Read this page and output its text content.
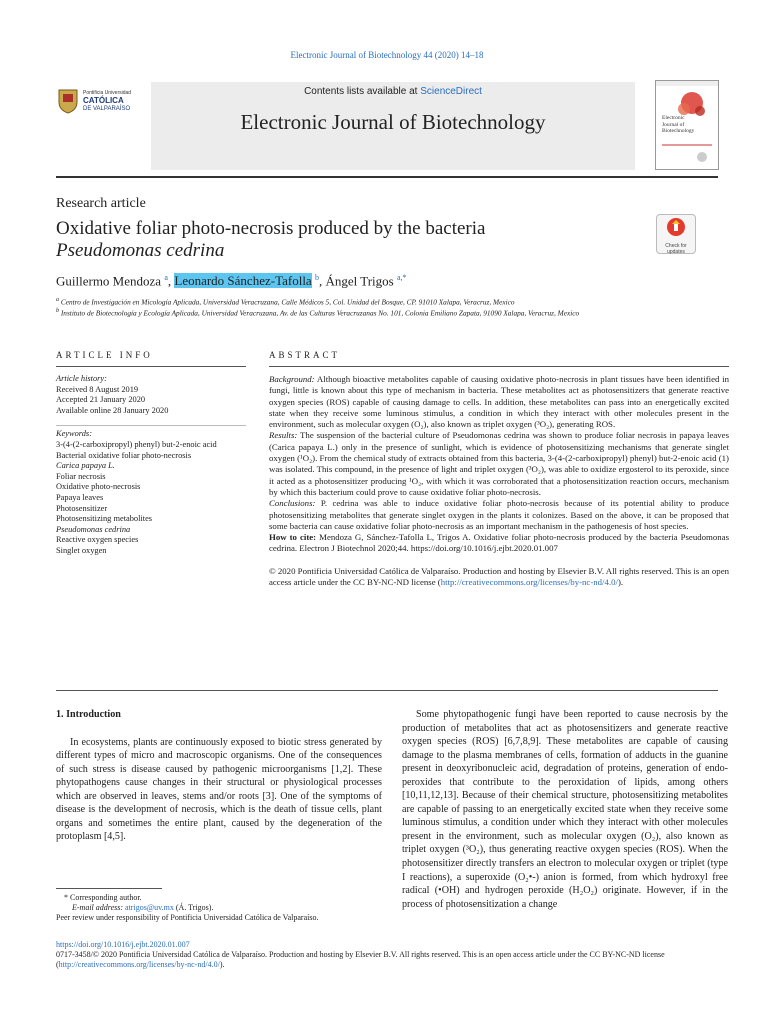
Electronic Journal of Biotechnology 44 (2020) 14–18
Pontificia Universidad
CATÓLICA
DE VALPARAÍSO
Contents lists available at ScienceDirect
Electronic Journal of Biotechnology	Electronic
Journal of
Biotechnology
Research article
Oxidative foliar photo-necrosis produced by the bacteria
Pseudomonas cedrina	Check for
updates
Guillermo Mendoza $^a$, Leonardo Sánchez-Tafolla $^b$, Ángel Trigos $^{a,*}$
$^a$ Centro de Investigación en Micología Aplicada, Universidad Veracruzana, Calle Médicos 5, Col. Unidad del Bosque, CP. 91010 Xalapa, Veracruz, Mexico
$^b$ Instituto de Biotecnología y Ecología Aplicada, Universidad Veracruzana, Av. de las Culturas Veracruzanas No. 101, Colonia Emiliano Zapata, 91090 Xalapa, Veracruz, Mexico
ARTICLE INFO	ABSTRACT
Article history:
Received 8 August 2019
Accepted 21 January 2020
Available online 28 January 2020
Keywords:
3-(4-(2-carboxipropyl) phenyl) but-2-enoic acid
Bacterial oxidative foliar photo-necrosis
Carica papaya L.
Foliar necrosis
Oxidative photo-necrosis
Papaya leaves
Photosensitizer
Photosensitizing metabolites
Pseudomonas cedrina
Reactive oxygen species
Singlet oxygen

Background: Although bioactive metabolites capable of causing oxidative photo-necrosis in plant tissues have been identified in fungi, little is known about this type of mechanism in bacteria. These metabolites act as photosensitizers that generate reactive oxygen species (ROS) capable of causing damage to cells. In addition, these metabolites can pass into an energetically excited state when they receive some luminous stimulus, a condition in which they interact with other molecules present in the environment, such as molecular oxygen (O₂), also known as triplet oxygen (³O₂), generating ROS.

Results: The suspension of the bacterial culture of Pseudomonas cedrina was shown to produce foliar necrosis in papaya leaves (Carica papaya L.) only in the presence of sunlight, which is evidence of photosensitizing mechanisms that generate singlet oxygen (¹O₂). From the chemical study of extracts obtained from this bacteria, 3-(4-(2-carboxipropyl) phenyl) but-2-enoic acid (1) was isolated. This compound, in the presence of light and triplet oxygen (³O₂), was able to oxidize ergosterol to its peroxide, since it acted as a photosensitizer producing ¹O₂, with which it was corroborated that a photosensitization reaction occurs, mechanism by which this bacterium could prove to cause oxidative foliar photo-necrosis.

Conclusions: P. cedrina was able to induce oxidative foliar photo-necrosis because of its potential ability to produce photosensitizing metabolites that generate singlet oxygen in the plants it colonizes. Based on the above, it can be proposed that some bacteria can cause oxidative foliar photo-necrosis as an important mechanism in the pathogenesis of host species.

How to cite: Mendoza G, Sánchez-Tafolla L, Trigos A. Oxidative foliar photo-necrosis produced by the bacteria Pseudomonas cedrina. Electron J Biotechnol 2020;44. https://doi.org/10.1016/j.ejbt.2020.01.007

© 2020 Pontificia Universidad Católica de Valparaíso. Production and hosting by Elsevier B.V. All rights reserved. This is an open access article under the CC BY-NC-ND license (http://creativecommons.org/licenses/by-nc-nd/4.0/).

1. Introduction

In ecosystems, plants are continuously exposed to biotic stress generated by different types of micro and macroscopic organisms. One of the consequences of such stress is disease caused by pathogenic microorganisms [1,2]. These phytopathogens cause changes in their structural or physiological processes which are observed in leaves, stems and/or roots [3]. One of the symptoms of disease is the development of necrosis, which is the death of tissue cells, plant organs and sometimes the entire plant, caused by the degeneration of the protoplasm [4,5].

Some phytopathogenic fungi have been reported to cause necrosis by the production of metabolites that act as photosensitizers and generate reactive oxygen species (ROS) [6,7,8,9]. These metabolites are capable of causing damage to the plasma membranes of cells, formation of adducts in the guanine present in deoxyribonucleic acid, degradation of proteins, generation of endo-peroxides that contribute to the peroxidation of lipids, among others [10,11,12,13]. Because of their chemical structure, photosensitizing metabolites are capable of passing to an energetically excited state when they receive some luminous stimulus, a condition under which they interact with other molecules present in the environment, such as molecular oxygen (O₂), also known as triplet oxygen (³O₂), thus generating reactive oxygen species (ROS). When the photosensitizer directly transfers an electron to molecular oxygen or triplet (type I reactions), a superoxide (O₂•-) anion is formed, from which hydroxyl free radical (•OH) and hydrogen peroxide (H₂O₂) originate. However, if in the process of photosensitization a change

* Corresponding author.
E-mail address: atrigos@uv.mx (Á. Trigos).
Peer review under responsibility of Pontificia Universidad Católica de Valparaíso.
https://doi.org/10.1016/j.ejbt.2020.01.007
0717-3458/© 2020 Pontificia Universidad Católica de Valparaíso. Production and hosting by Elsevier B.V. All rights reserved. This is an open access article under the CC BY-NC-ND license
(http://creativecommons.org/licenses/by-nc-nd/4.0/).
